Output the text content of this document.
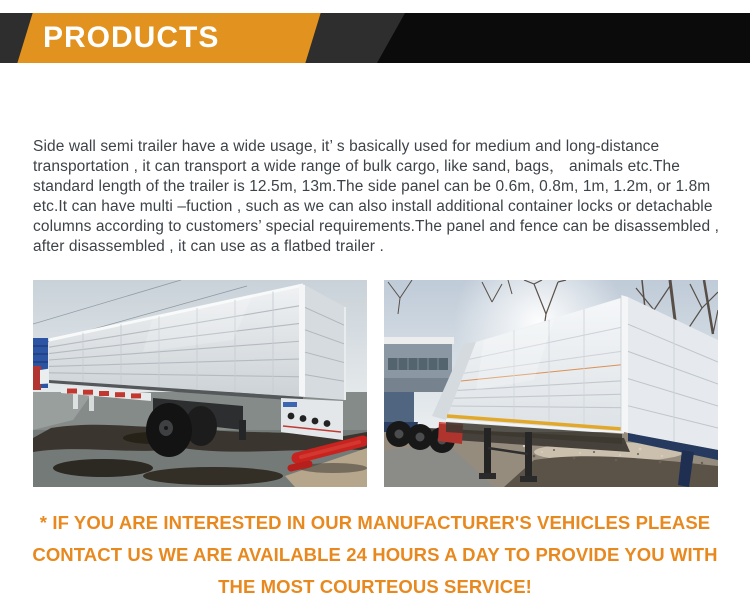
PRODUCTS

Side wall semi trailer have a wide usage, it’ s basically used for medium and long-distance transportation , it can transport a wide range of bulk cargo, like sand, bags， animals etc.The standard length of the trailer is 12.5m, 13m.The side panel can be 0.6m, 0.8m, 1m, 1.2m, or 1.8m etc.It can have multi –fuction , such as we can also install additional container locks or detachable columns according to customers’ special requirements.The panel and fence can be disassembled , after disassembled , it can use as a flatbed trailer .

* IF YOU ARE INTERESTED IN OUR MANUFACTURER'S VEHICLES PLEASE
CONTACT US WE ARE AVAILABLE 24 HOURS A DAY TO PROVIDE YOU WITH
THE MOST COURTEOUS SERVICE!
